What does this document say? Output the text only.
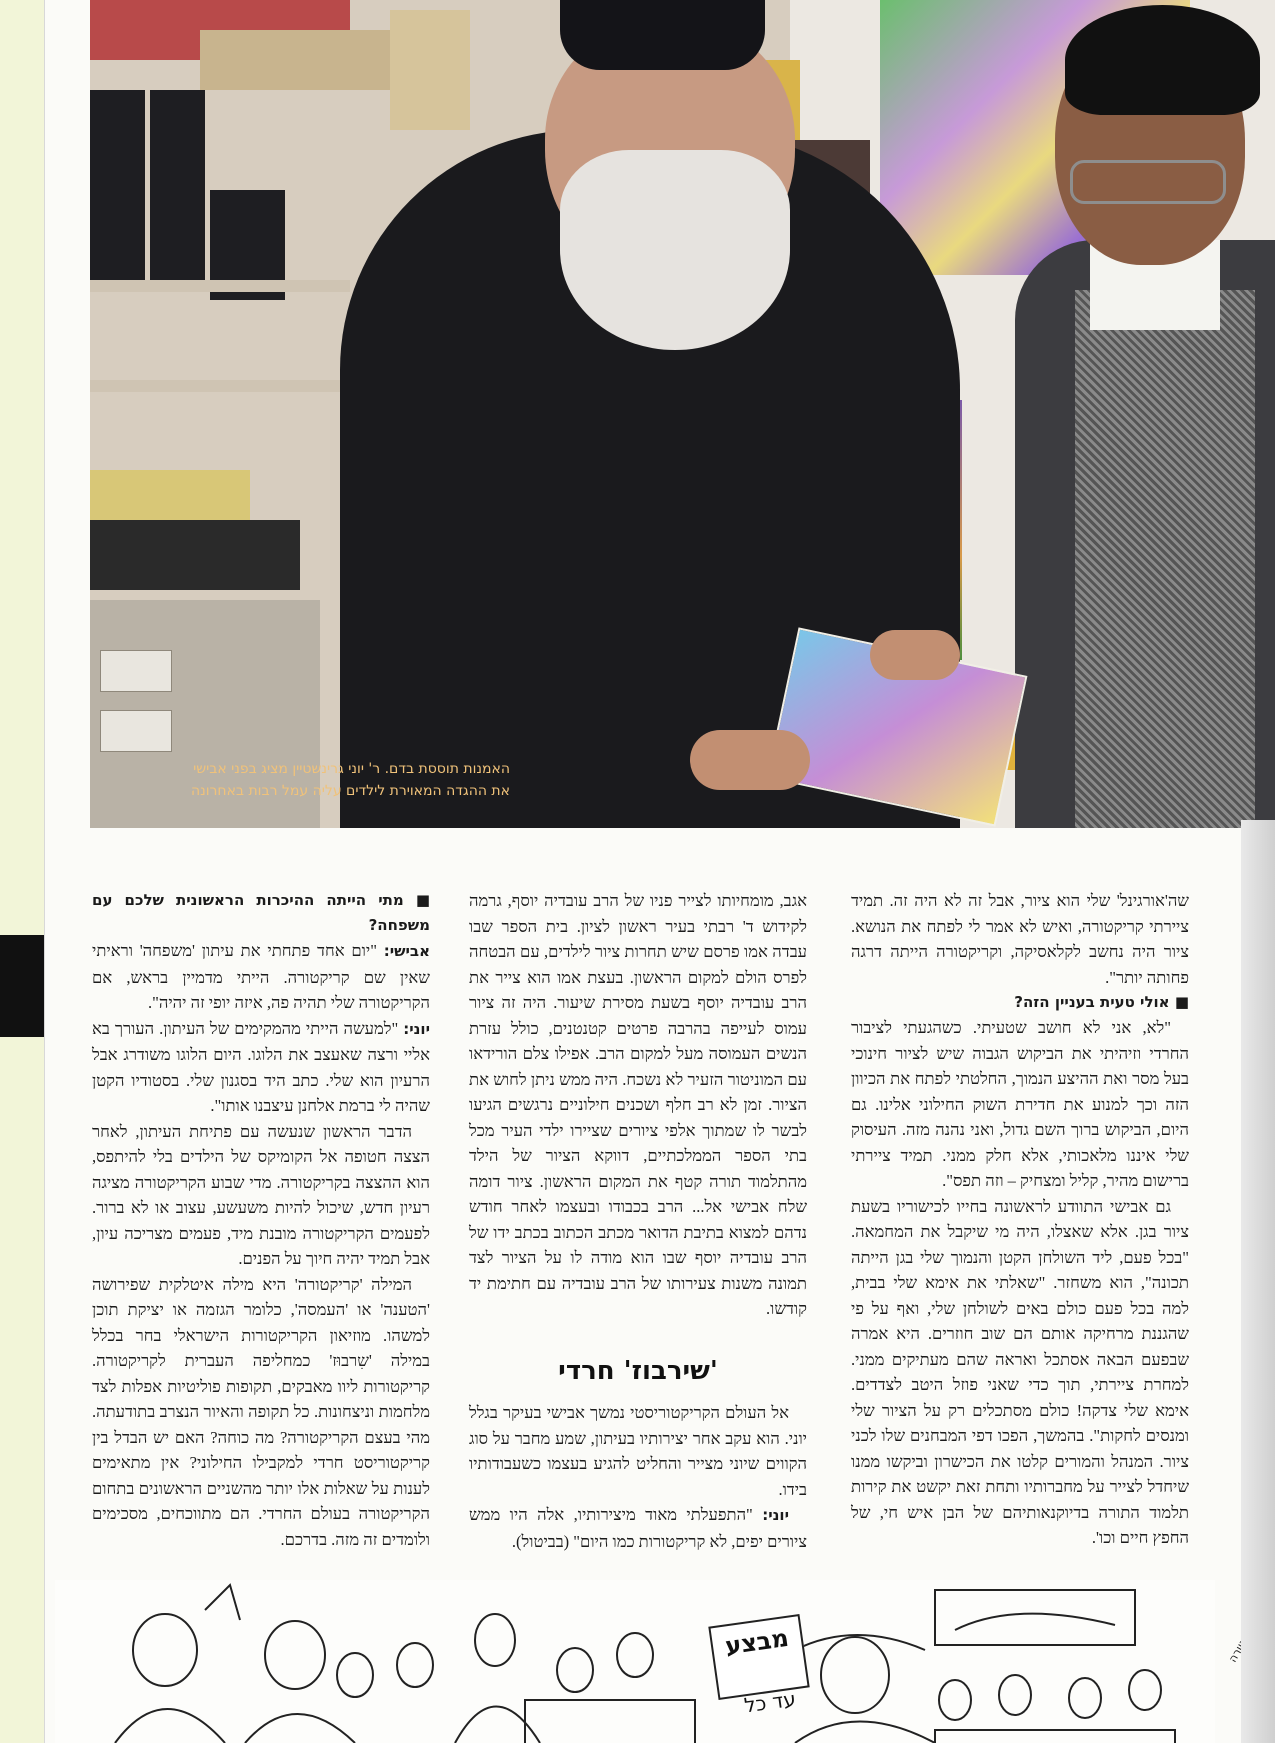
האמנות תוססת בדם. ר' יוני גרינשטיין מציג בפני אבישי
את ההגדה המאוירת לילדים עליה עמל רבות באחרונה

שה'אורגינל' שלי הוא ציור, אבל זה לא היה זה. תמיד ציירתי קריקטורה, ואיש לא אמר לי לפתח את הנושא. ציור היה נחשב לקלאסיקה, וקריקטורה הייתה דרגה פחותה יותר".

■ אולי טעית בעניין הזה?

"לא, אני לא חושב שטעיתי. כשהגעתי לציבור החרדי וזיהיתי את הביקוש הגבוה שיש לציור חינוכי בעל מסר ואת ההיצע הנמוך, החלטתי לפתח את הכיוון הזה וכך למנוע את חדירת השוק החילוני אלינו. גם היום, הביקוש ברוך השם גדול, ואני נהנה מזה. העיסוק שלי איננו מלאכותי, אלא חלק ממני. תמיד ציירתי ברישום מהיר, קליל ומצחיק – וזה תפס".

גם אבישי התוודע לראשונה בחייו לכישוריו בשעת ציור בגן. אלא שאצלו, היה מי שיקבל את המחמאה. "בכל פעם, ליד השולחן הקטן והנמוך שלי בגן הייתה תכונה", הוא משחזר. "שאלתי את אימא שלי בבית, למה בכל פעם כולם באים לשולחן שלי, ואף על פי שהגננת מרחיקה אותם הם שוב חוזרים. היא אמרה שבפעם הבאה אסתכל ואראה שהם מעתיקים ממני. למחרת ציירתי, תוך כדי שאני פוזל היטב לצדדים. אימא שלי צדקה! כולם מסתכלים רק על הציור שלי ומנסים לחקות". בהמשך, הפכו דפי המבחנים שלו לכני ציור. המנהל והמורים קלטו את הכישרון וביקשו ממנו שיחדל לצייר על מחברותיו ותחת זאת יקשט את קירות תלמוד התורה בדיוקנאותיהם של הבן איש חי, של החפץ חיים וכו'.

אגב, מומחיותו לצייר פניו של הרב עובדיה יוסף, גרמה לקידוש ד' רבתי בעיר ראשון לציון. בית הספר שבו עבדה אמו פרסם שיש תחרות ציור לילדים, עם הבטחה לפרס הולם למקום הראשון. בעצת אמו הוא צייר את הרב עובדיה יוסף בשעת מסירת שיעור. היה זה ציור עמוס לעייפה בהרבה פרטים קטנטנים, כולל עזרת הנשים העמוסה מעל למקום הרב. אפילו צלם הורידאו עם המוניטור הזעיר לא נשכח. היה ממש ניתן לחוש את הציור. זמן לא רב חלף ושכנים חילוניים נרגשים הגיעו לבשר לו שמתוך אלפי ציורים שציירו ילדי העיר מכל בתי הספר הממלכתיים, דווקא הציור של הילד מהתלמוד תורה קטף את המקום הראשון. ציור דומה שלח אבישי אל... הרב בכבודו ובעצמו לאחר חודש נדהם למצוא בתיבת הדואר מכתב הכתוב בכתב ידו של הרב עובדיה יוסף שבו הוא מודה לו על הציור לצד תמונה משנות צעירותו של הרב עובדיה עם חתימת יד קודשו.

'שירבוז' חרדי

אל העולם הקריקטוריסטי נמשך אבישי בעיקר בגלל יוני. הוא עקב אחר יצירותיו בעיתון, שמע מחבר על סוג הקווים שיוני מצייר והחליט להגיע בעצמו כשעבודותיו בידו.

יוני: "התפעלתי מאוד מיצירותיו, אלה היו ממש ציורים יפים, לא קריקטורות כמו היום" (בביטול).

■ מתי הייתה ההיכרות הראשונית שלכם עם משפחה?

אבישי: "יום אחד פתחתי את עיתון 'משפחה' וראיתי שאין שם קריקטורה. הייתי מדמיין בראש, אם הקריקטורה שלי תהיה פה, איזה יופי זה יהיה".

יוני: "למעשה הייתי מהמקימים של העיתון. העורך בא אליי ורצה שאעצב את הלוגו. היום הלוגו משודרג אבל הרעיון הוא שלי. כתב היד בסגנון שלי. בסטודיו הקטן שהיה לי ברמת אלחנן עיצבנו אותו".

הדבר הראשון שנעשה עם פתיחת העיתון, לאחר הצצה חטופה אל הקומיקס של הילדים בלי להיתפס, הוא ההצצה בקריקטורה. מדי שבוע הקריקטורה מציגה רעיון חדש, שיכול להיות משעשע, עצוב או לא ברור. לפעמים הקריקטורה מובנת מיד, פעמים מצריכה עיון, אבל תמיד יהיה חיוך על הפנים.

המילה 'קריקטורה' היא מילה איטלקית שפירושה 'הטענה' או 'העמסה', כלומר הגזמה או יציקת תוכן למשהו. מוזיאון הקריקטורות הישראלי בחר בכלל במילה 'שִרבוּז' כמחליפה העברית לקריקטורה. קריקטורות ליוו מאבקים, תקופות פוליטיות אפלות לצד מלחמות וניצחונות. כל תקופה והאיור הנצרב בתודעתה. מהי בעצם הקריקטורה? מה כוחה? האם יש הבדל בין קריקטוריסט חרדי למקבילו החילוני? אין מתאימים לענות על שאלות אלו יותר מהשניים הראשונים בתחום הקריקטורה בעולם החרדי. הם מתווכחים, מסכימים ולומדים זה מזה. בדרכם.

מבצע
עד כל
